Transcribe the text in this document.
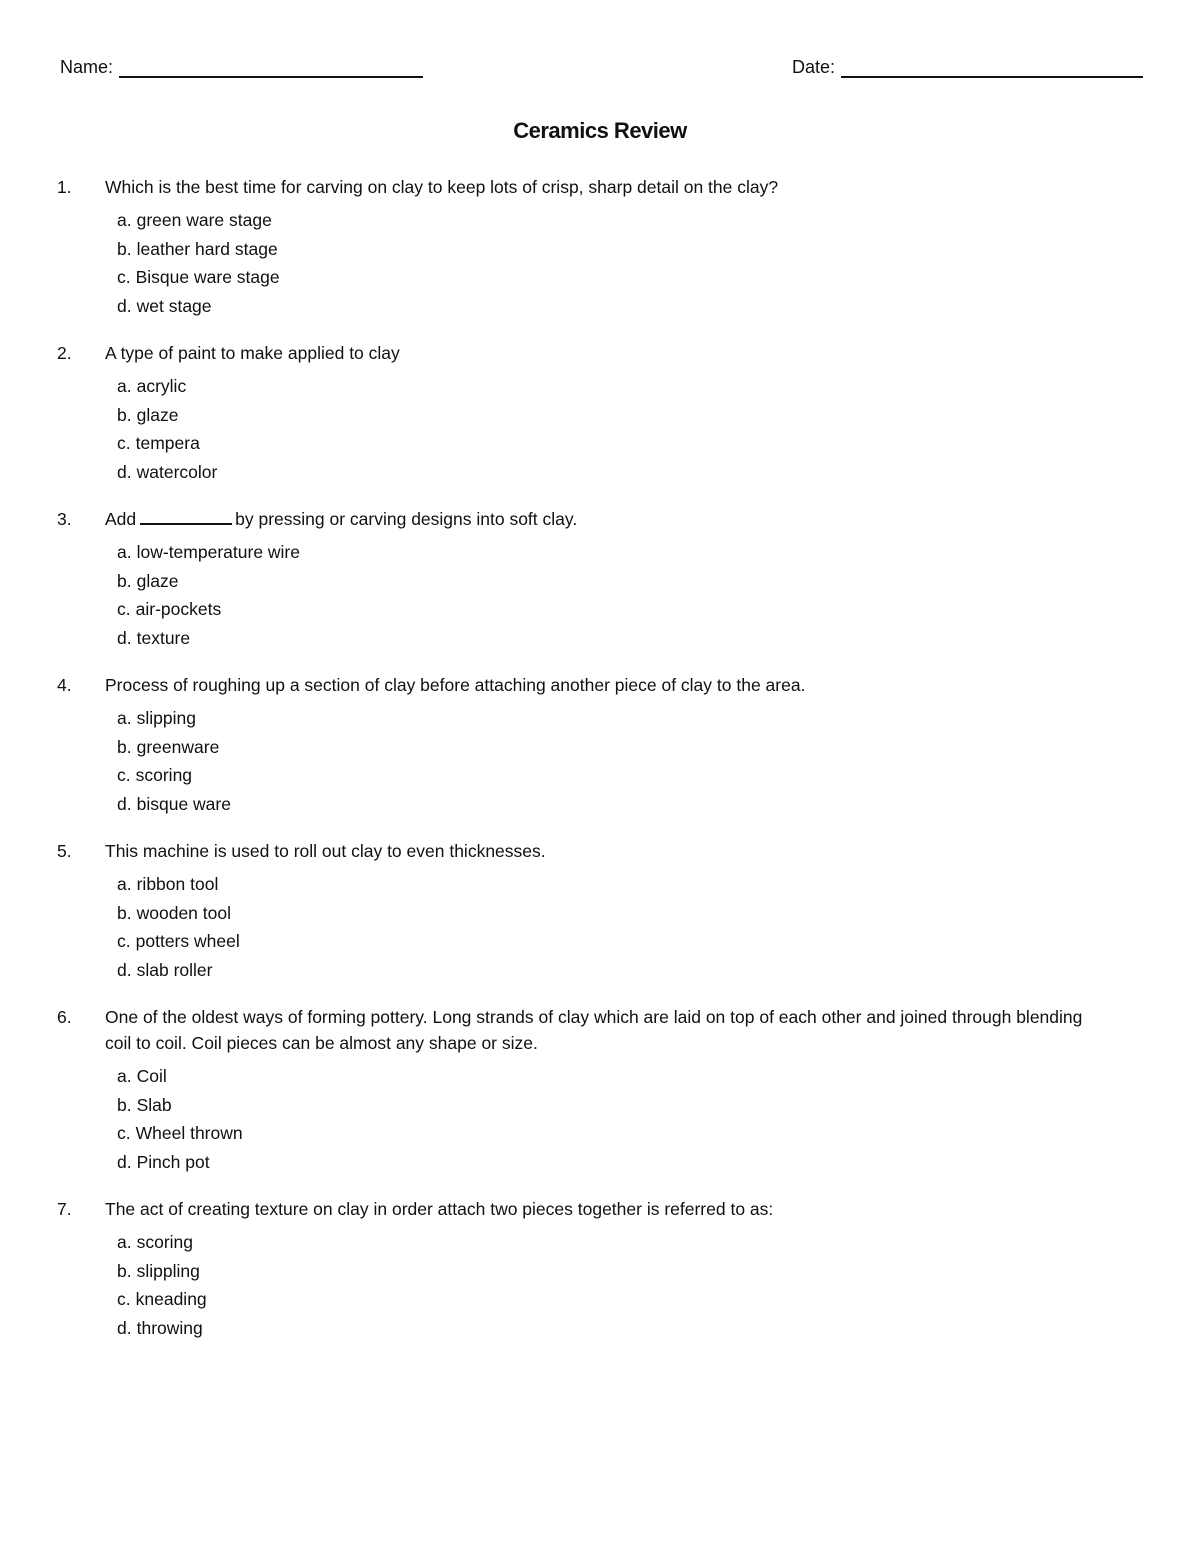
Name:	Date:
Ceramics Review
1. Which is the best time for carving on clay to keep lots of crisp, sharp detail on the clay?
a. green ware stage
b. leather hard stage
c. Bisque ware stage
d. wet stage
2. A type of paint to make applied to clay
a. acrylic
b. glaze
c. tempera
d. watercolor
3. Add	by pressing or carving designs into soft clay.
a. low-temperature wire
b. glaze
c. air-pockets
d. texture
4. Process of roughing up a section of clay before attaching another piece of clay to the area.
a. slipping
b. greenware
c. scoring
d. bisque ware
5. This machine is used to roll out clay to even thicknesses.
a. ribbon tool
b. wooden tool
c. potters wheel
d. slab roller
6. One of the oldest ways of forming pottery. Long strands of clay which are laid on top of each other and joined through blending coil to coil. Coil pieces can be almost any shape or size.
a. Coil
b. Slab
c. Wheel thrown
d. Pinch pot
7. The act of creating texture on clay in order attach two pieces together is referred to as:
a. scoring
b. slippling
c. kneading
d. throwing
